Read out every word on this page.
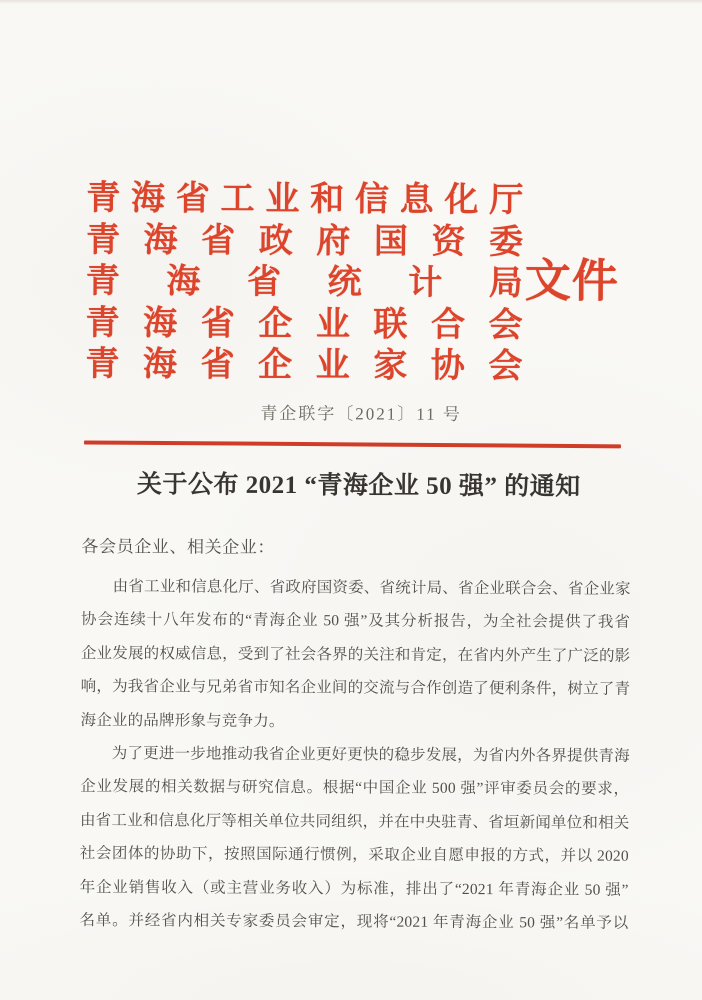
青海省工业和信息化厅
青海省政府国资委
青海省统计局
青海省企业联合会
青海省企业家协会
文件
青企联字〔2021〕11 号
关于公布 2021 “青海企业 50 强” 的通知
各会员企业、相关企业：
　　由省工业和信息化厅、省政府国资委、省统计局、省企业联合会、省企业家
协会连续十八年发布的“青海企业 50 强”及其分析报告，为全社会提供了我省
企业发展的权威信息，受到了社会各界的关注和肯定，在省内外产生了广泛的影
响，为我省企业与兄弟省市知名企业间的交流与合作创造了便利条件，树立了青
海企业的品牌形象与竞争力。
　　为了更进一步地推动我省企业更好更快的稳步发展，为省内外各界提供青海
企业发展的相关数据与研究信息。根据“中国企业 500 强”评审委员会的要求，
由省工业和信息化厅等相关单位共同组织，并在中央驻青、省垣新闻单位和相关
社会团体的协助下，按照国际通行惯例，采取企业自愿申报的方式，并以 2020
年企业销售收入（或主营业务收入）为标准，排出了“2021 年青海企业 50 强”
名单。并经省内相关专家委员会审定，现将“2021 年青海企业 50 强”名单予以
